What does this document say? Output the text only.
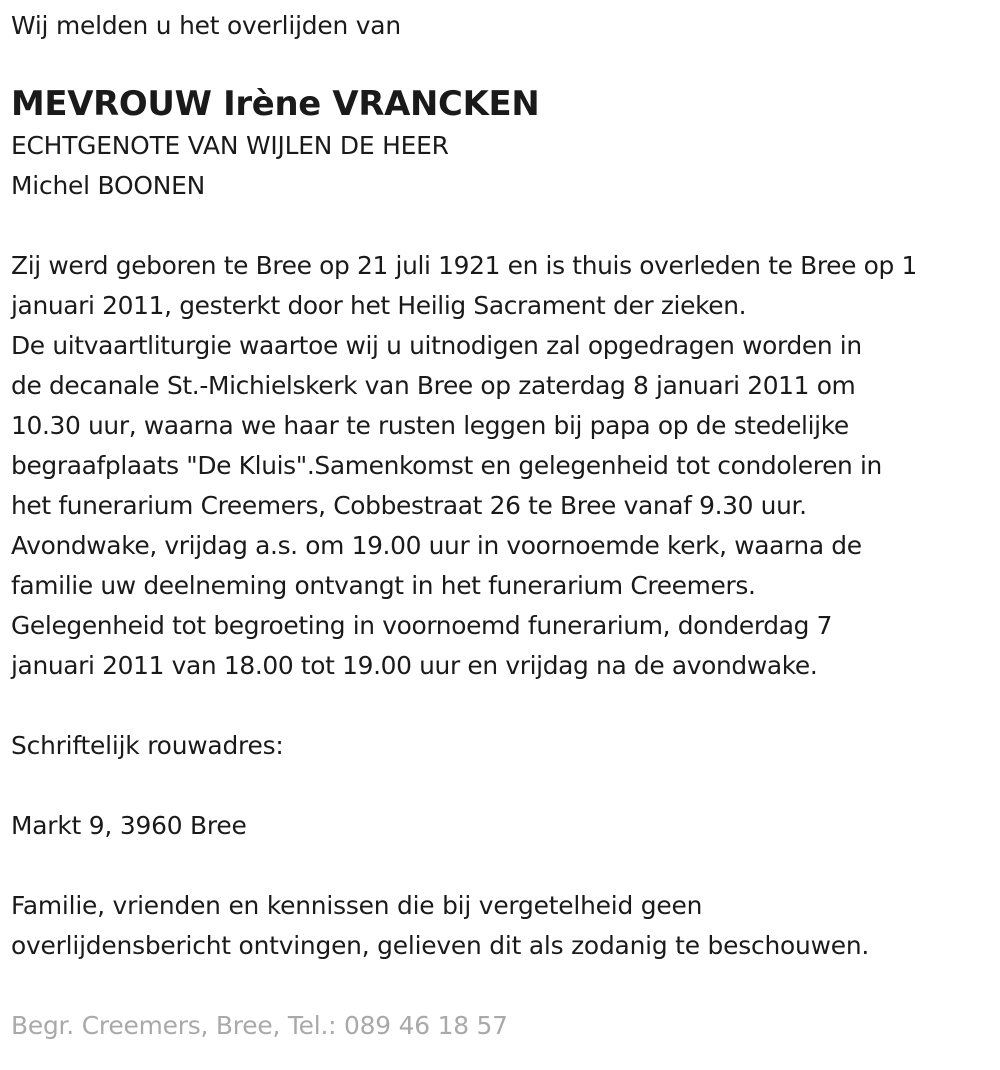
Wij melden u het overlijden van
MEVROUW Irène VRANCKEN
ECHTGENOTE VAN WIJLEN DE HEER
Michel BOONEN
Zij werd geboren te Bree op 21 juli 1921 en is thuis overleden te Bree op 1
januari 2011, gesterkt door het Heilig Sacrament der zieken.
De uitvaartliturgie waartoe wij u uitnodigen zal opgedragen worden in
de decanale St.-Michielskerk van Bree op zaterdag 8 januari 2011 om
10.30 uur, waarna we haar te rusten leggen bij papa op de stedelijke
begraafplaats "De Kluis".Samenkomst en gelegenheid tot condoleren in
het funerarium Creemers, Cobbestraat 26 te Bree vanaf 9.30 uur.
Avondwake, vrijdag a.s. om 19.00 uur in voornoemde kerk, waarna de
familie uw deelneming ontvangt in het funerarium Creemers.
Gelegenheid tot begroeting in voornoemd funerarium, donderdag 7
januari 2011 van 18.00 tot 19.00 uur en vrijdag na de avondwake.
Schriftelijk rouwadres:
Markt 9, 3960 Bree
Familie, vrienden en kennissen die bij vergetelheid geen
overlijdensbericht ontvingen, gelieven dit als zodanig te beschouwen.
Begr. Creemers, Bree, Tel.: 089 46 18 57
